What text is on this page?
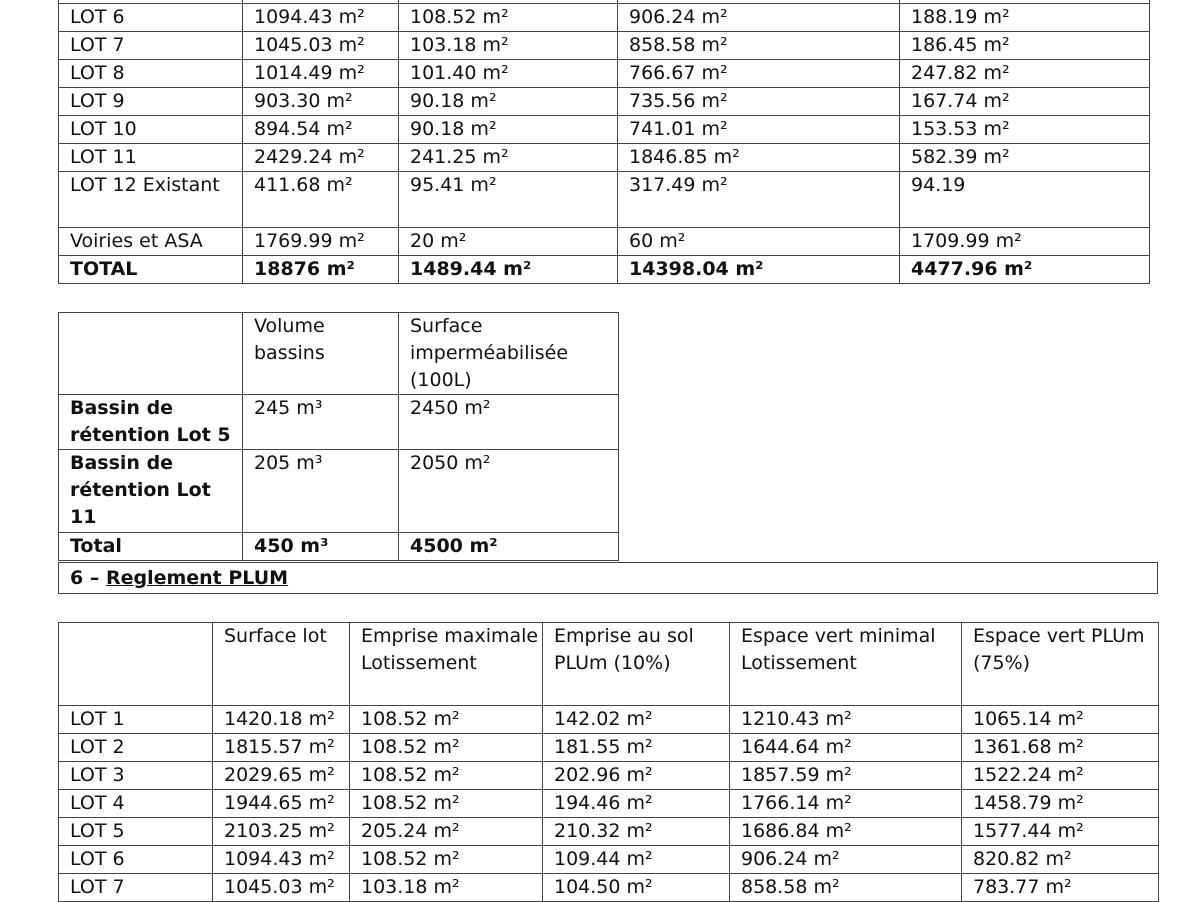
LOT 6	1094.43 m²	108.52 m²	906.24 m²	188.19 m²
LOT 7	1045.03 m²	103.18 m²	858.58 m²	186.45 m²
LOT 8	1014.49 m²	101.40 m²	766.67 m²	247.82 m²
LOT 9	903.30 m²	90.18 m²	735.56 m²	167.74 m²
LOT 10	894.54 m²	90.18 m²	741.01 m²	153.53 m²
LOT 11	2429.24 m²	241.25 m²	1846.85 m²	582.39 m²
LOT 12 Existant	411.68 m²	95.41 m²	317.49 m²	94.19
Voiries et ASA	1769.99 m²	20 m²	60 m²	1709.99 m²
TOTAL	18876 m²	1489.44 m²	14398.04 m²	4477.96 m²
	Volume bassins	Surface imperméabilisée (100L)
Bassin de rétention Lot 5	245 m³	2450 m²
Bassin de rétention Lot 11	205 m³	2050 m²
Total	450 m³	4500 m²
6 – Reglement PLUM
	Surface lot	Emprise maximale Lotissement	Emprise au sol PLUm (10%)	Espace vert minimal Lotissement	Espace vert PLUm (75%)
LOT 1	1420.18 m²	108.52 m²	142.02 m²	1210.43 m²	1065.14 m²
LOT 2	1815.57 m²	108.52 m²	181.55 m²	1644.64 m²	1361.68 m²
LOT 3	2029.65 m²	108.52 m²	202.96 m²	1857.59 m²	1522.24 m²
LOT 4	1944.65 m²	108.52 m²	194.46 m²	1766.14 m²	1458.79 m²
LOT 5	2103.25 m²	205.24 m²	210.32 m²	1686.84 m²	1577.44 m²
LOT 6	1094.43 m²	108.52 m²	109.44 m²	906.24 m²	820.82 m²
LOT 7	1045.03 m²	103.18 m²	104.50 m²	858.58 m²	783.77 m²
